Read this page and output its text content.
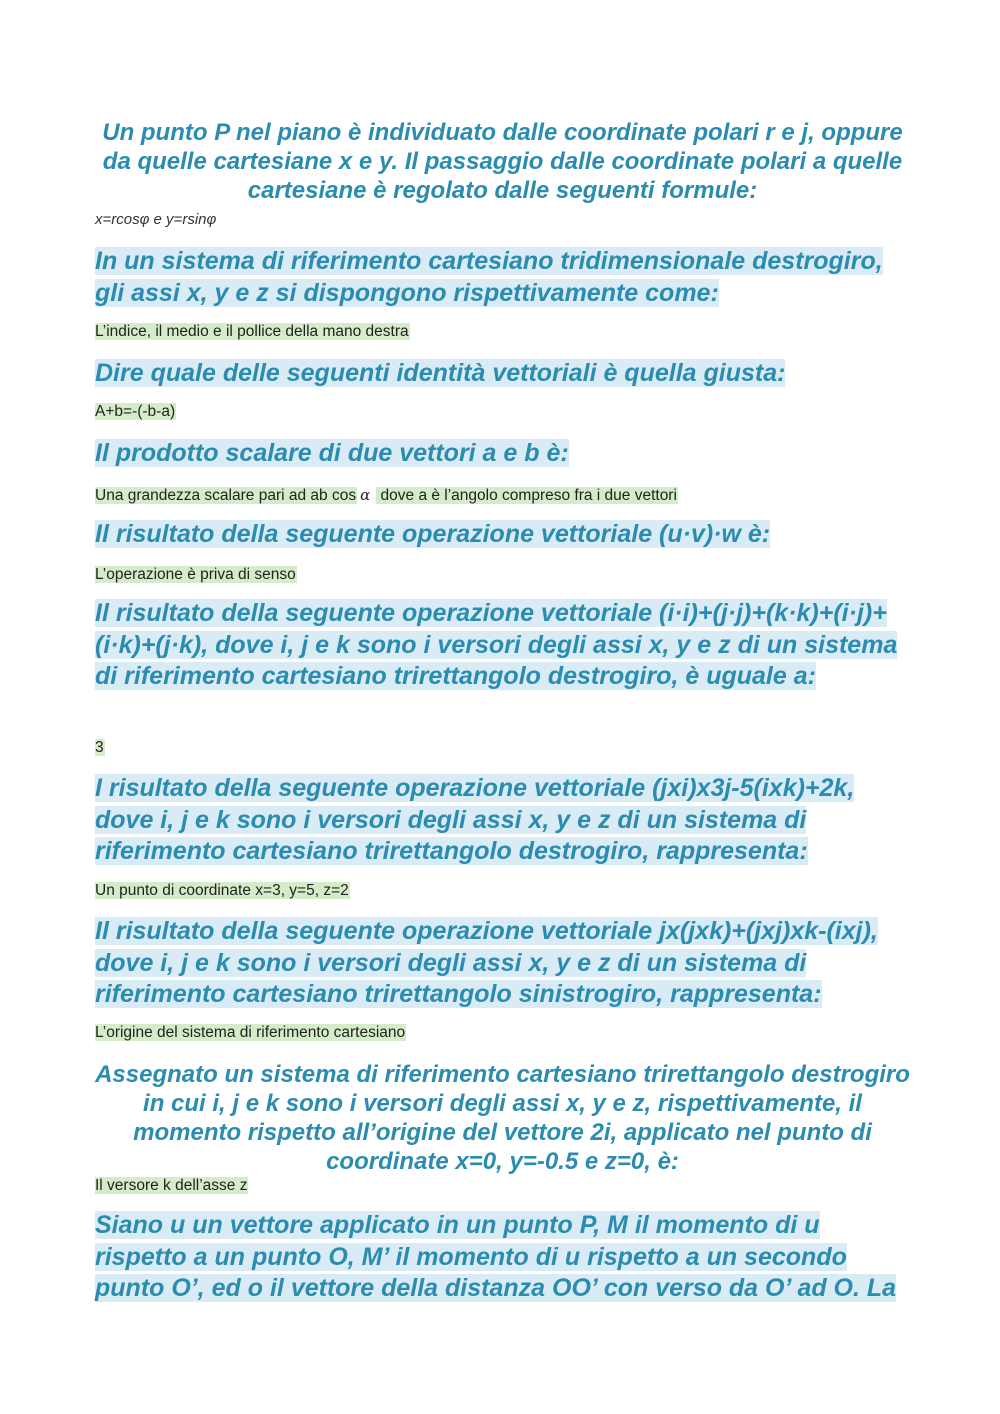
Un punto P nel piano è individuato dalle coordinate polari r e j, oppure da quelle cartesiane x e y. Il passaggio dalle coordinate polari a quelle cartesiane è regolato dalle seguenti formule:

x=rcosφ e y=rsinφ

In un sistema di riferimento cartesiano tridimensionale destrogiro, gli assi x, y e z si dispongono rispettivamente come:

L’indice, il medio e il pollice della mano destra

Dire quale delle seguenti identità vettoriali è quella giusta:

A+b=-(-b-a)

Il prodotto scalare di due vettori a e b è:

Una grandezza scalare pari ad ab cos α dove a è l’angolo compreso fra i due vettori

Il risultato della seguente operazione vettoriale (u·v)·w è:

L’operazione è priva di senso

Il risultato della seguente operazione vettoriale (i·i)+(j·j)+(k·k)+(i·j)+(i·k)+(j·k), dove i, j e k sono i versori degli assi x, y e z di un sistema di riferimento cartesiano trirettangolo destrogiro, è uguale a:

3

I risultato della seguente operazione vettoriale (jxi)x3j-5(ixk)+2k, dove i, j e k sono i versori degli assi x, y e z di un sistema di riferimento cartesiano trirettangolo destrogiro, rappresenta:

Un punto di coordinate x=3, y=5, z=2

Il risultato della seguente operazione vettoriale jx(jxk)+(jxj)xk-(ixj), dove i, j e k sono i versori degli assi x, y e z di un sistema di riferimento cartesiano trirettangolo sinistrogiro, rappresenta:

L’origine del sistema di riferimento cartesiano

Assegnato un sistema di riferimento cartesiano trirettangolo destrogiro in cui i, j e k sono i versori degli assi x, y e z, rispettivamente, il momento rispetto all’origine del vettore 2i, applicato nel punto di coordinate x=0, y=-0.5 e z=0, è:

Il versore k dell’asse z

Siano u un vettore applicato in un punto P, M il momento di u rispetto a un punto O, M’ il momento di u rispetto a un secondo punto O’, ed o il vettore della distanza OO’ con verso da O’ ad O. La
